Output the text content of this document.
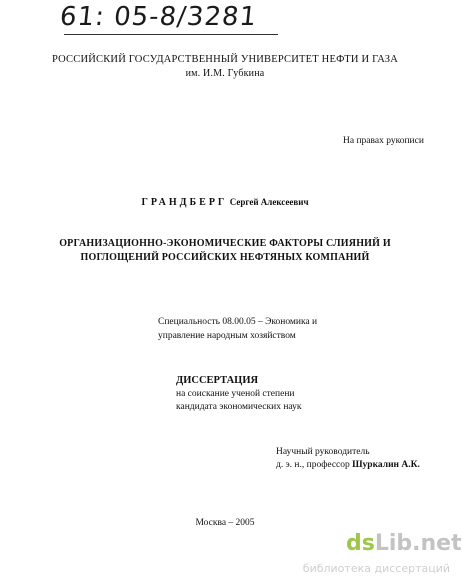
61: 05-8/3281
РОССИЙСКИЙ ГОСУДАРСТВЕННЫЙ УНИВЕРСИТЕТ НЕФТИ И ГАЗА
им. И.М. Губкина
На правах рукописи
ГРАНДБЕРГ Сергей Алексеевич
ОРГАНИЗАЦИОННО-ЭКОНОМИЧЕСКИЕ ФАКТОРЫ СЛИЯНИЙ И
ПОГЛОЩЕНИЙ РОССИЙСКИХ НЕФТЯНЫХ КОМПАНИЙ
Специальность 08.00.05 – Экономика и
управление народным хозяйством
ДИССЕРТАЦИЯ
на соискание ученой степени
кандидата экономических наук
Научный руководитель
д. э. н., профессор Шуркалин А.К.
Москва – 2005
dsLib.net
библиотека диссертаций
